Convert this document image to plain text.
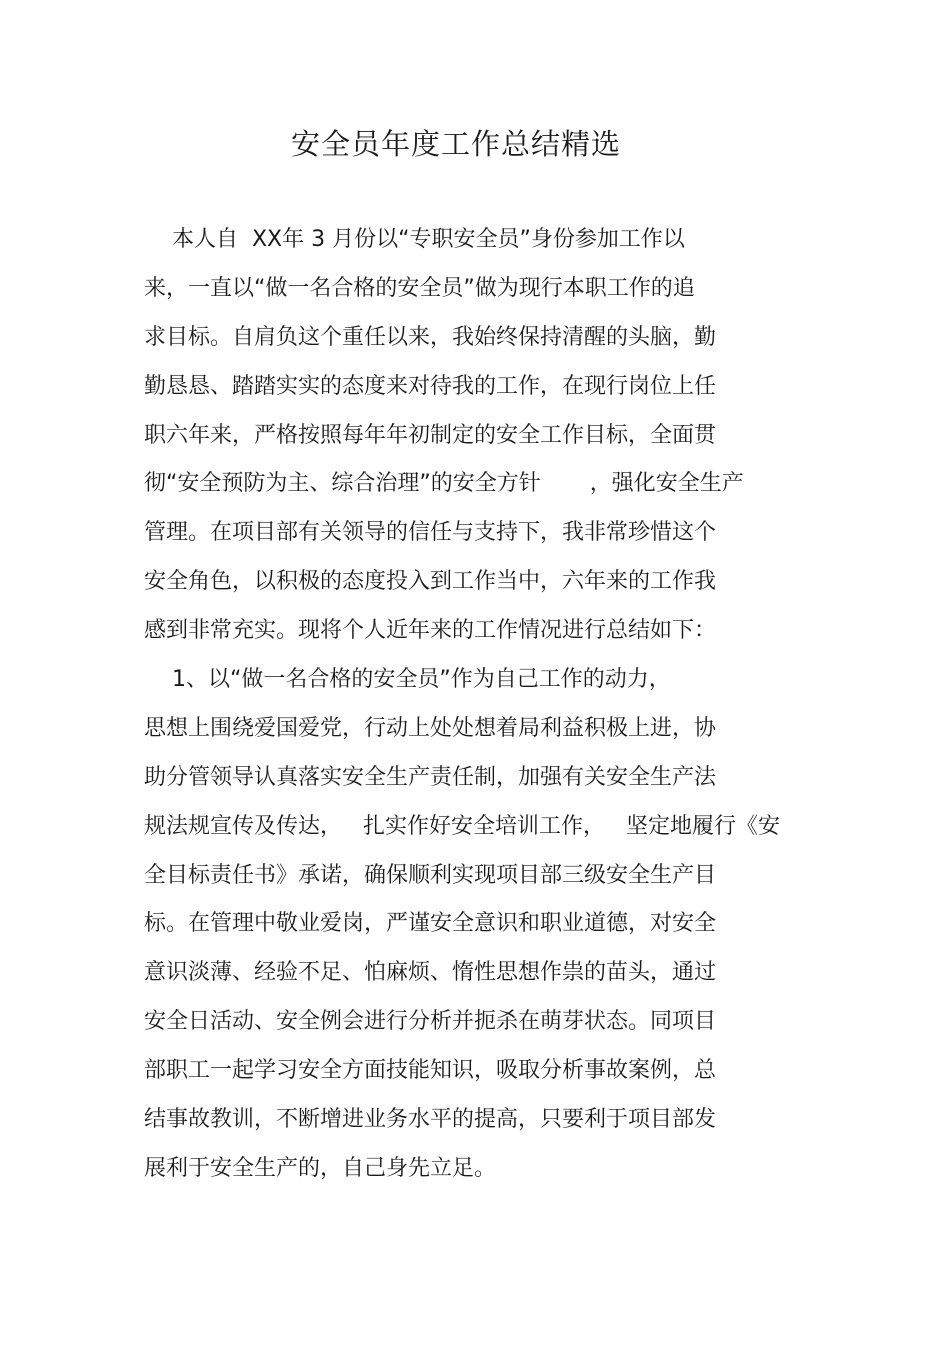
安全员年度工作总结精选
本人自  XX年 3 月份以“专职安全员”身份参加工作以
来，一直以“做一名合格的安全员”做为现行本职工作的追
求目标。自肩负这个重任以来，我始终保持清醒的头脑，勤
勤恳恳、踏踏实实的态度来对待我的工作，在现行岗位上任
职六年来，严格按照每年年初制定的安全工作目标，全面贯
彻“安全预防为主、综合治理”的安全方针       ，强化安全生产
管理。在项目部有关领导的信任与支持下，我非常珍惜这个
安全角色，以积极的态度投入到工作当中，六年来的工作我
感到非常充实。现将个人近年来的工作情况进行总结如下：
1、以“做一名合格的安全员”作为自己工作的动力，
思想上围绕爱国爱党，行动上处处想着局利益积极上进，协
助分管领导认真落实安全生产责任制，加强有关安全生产法
规法规宣传及传达，   扎实作好安全培训工作，   坚定地履行《安
全目标责任书》承诺，确保顺利实现项目部三级安全生产目
标。在管理中敬业爱岗，严谨安全意识和职业道德，对安全
意识淡薄、经验不足、怕麻烦、惰性思想作祟的苗头，通过
安全日活动、安全例会进行分析并扼杀在萌芽状态。同项目
部职工一起学习安全方面技能知识，吸取分析事故案例，总
结事故教训，不断增进业务水平的提高，只要利于项目部发
展利于安全生产的，自己身先立足。
